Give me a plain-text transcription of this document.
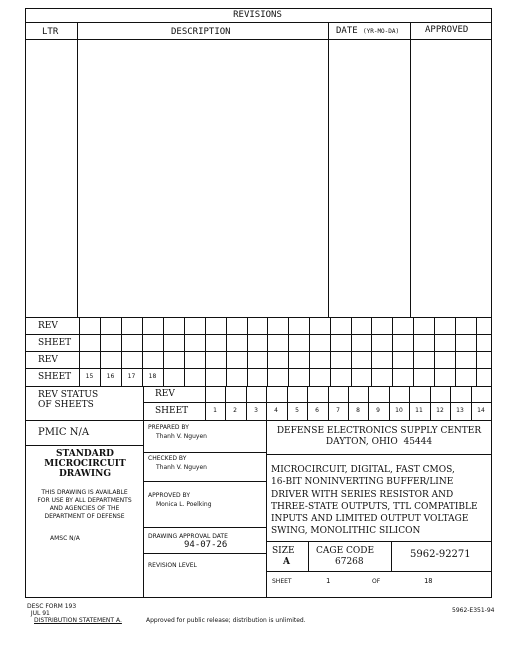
REVISIONS
LTR	DESCRIPTION	DATE (YR-MO-DA)	APPROVED
REV
SHEET
REV
SHEET	15	16	17	18
REV STATUS
OF SHEETS
REV
SHEET	1	2	3	4	5	6	7	8	9	10	11	12	13	14
PMIC N/A
STANDARD
MICROCIRCUIT
DRAWING
THIS DRAWING IS AVAILABLE
FOR USE BY ALL DEPARTMENTS
AND AGENCIES OF THE
DEPARTMENT OF DEFENSE
AMSC N/A
PREPARED BY
Thanh V. Nguyen
CHECKED BY
Thanh V. Nguyen
APPROVED BY
Monica L. Poelking
DRAWING APPROVAL DATE
94-07-26
REVISION LEVEL
DEFENSE ELECTRONICS SUPPLY CENTER
DAYTON, OHIO  45444
MICROCIRCUIT, DIGITAL, FAST CMOS,
16-BIT NONINVERTING BUFFER/LINE
DRIVER WITH SERIES RESISTOR AND
THREE-STATE OUTPUTS, TTL COMPATIBLE
INPUTS AND LIMITED OUTPUT VOLTAGE
SWING, MONOLITHIC SILICON
SIZE
A
CAGE CODE
67268
5962-92271
SHEET	1	OF	18
DESC FORM 193
JUL 91
DISTRIBUTION STATEMENT A.	Approved for public release; distribution is unlimited.
5962-E351-94
